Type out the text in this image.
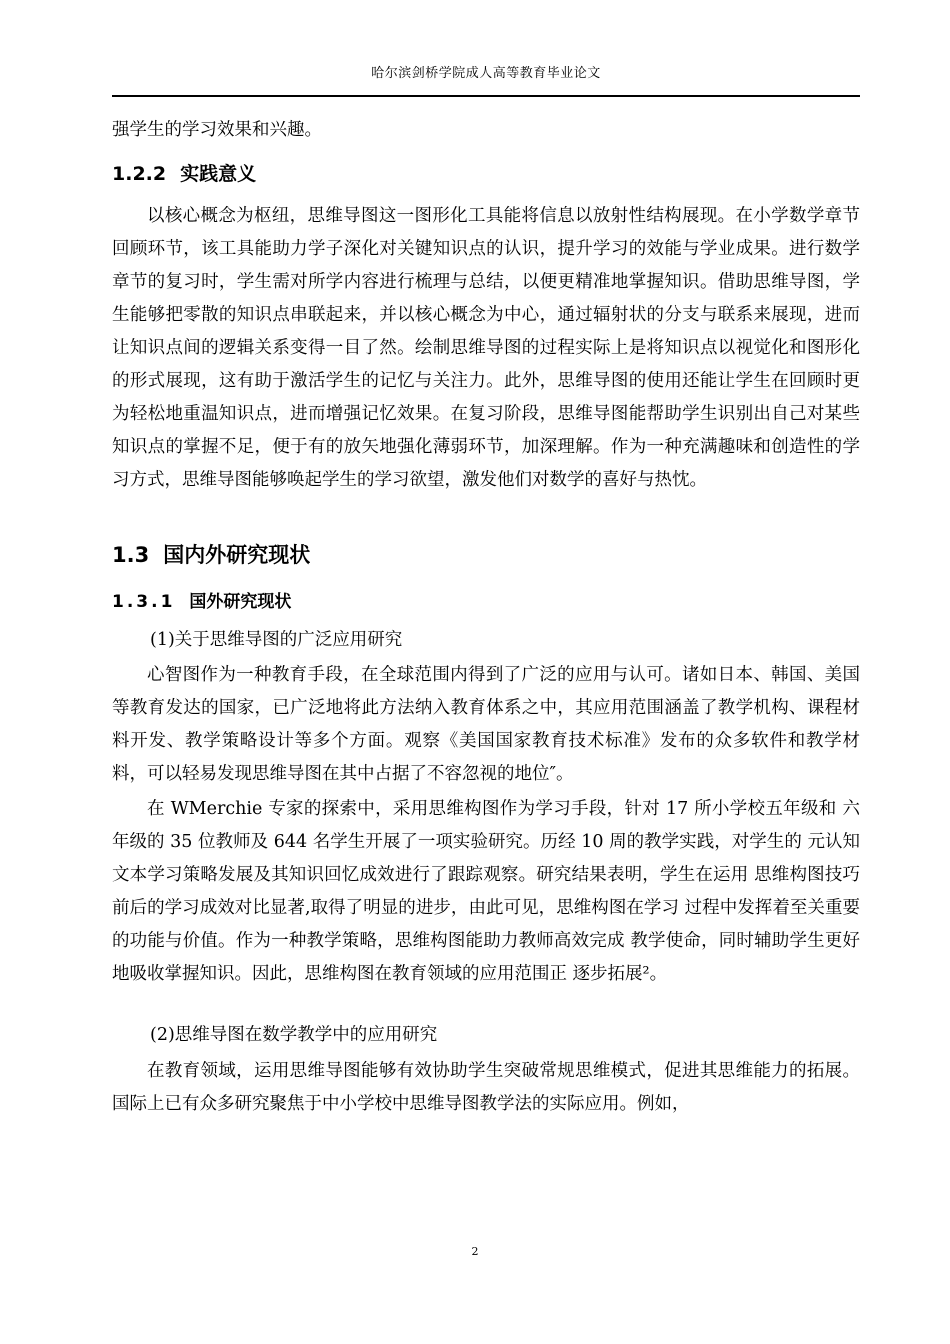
哈尔滨剑桥学院成人高等教育毕业论文

强学生的学习效果和兴趣。

1.2.2 实践意义

以核心概念为枢纽，思维导图这一图形化工具能将信息以放射性结构展现。在小学数学章节回顾环节，该工具能助力学子深化对关键知识点的认识，提升学习的效能与学业成果。进行数学章节的复习时，学生需对所学内容进行梳理与总结，以便更精准地掌握知识。借助思维导图，学生能够把零散的知识点串联起来，并以核心概念为中心，通过辐射状的分支与联系来展现，进而让知识点间的逻辑关系变得一目了然。绘制思维导图的过程实际上是将知识点以视觉化和图形化的形式展现，这有助于激活学生的记忆与关注力。此外，思维导图的使用还能让学生在回顾时更为轻松地重温知识点，进而增强记忆效果。在复习阶段，思维导图能帮助学生识别出自己对某些知识点的掌握不足，便于有的放矢地强化薄弱环节，加深理解。作为一种充满趣味和创造性的学习方式，思维导图能够唤起学生的学习欲望，激发他们对数学的喜好与热忱。

1.3 国内外研究现状
1.3.1 国外研究现状
(1)关于思维导图的广泛应用研究

心智图作为一种教育手段，在全球范围内得到了广泛的应用与认可。诸如日本、韩国、美国等教育发达的国家，已广泛地将此方法纳入教育体系之中，其应用范围涵盖了教学机构、课程材料开发、教学策略设计等多个方面。观察《美国国家教育技术标准》发布的众多软件和教学材料，可以轻易发现思维导图在其中占据了不容忽视的地位″。

在 WMerchie 专家的探索中，采用思维构图作为学习手段，针对 17 所小学校五年级和 六年级的 35 位教师及 644 名学生开展了一项实验研究。历经 10 周的教学实践，对学生的 元认知文本学习策略发展及其知识回忆成效进行了跟踪观察。研究结果表明，学生在运用 思维构图技巧前后的学习成效对比显著,取得了明显的进步，由此可见，思维构图在学习 过程中发挥着至关重要的功能与价值。作为一种教学策略，思维构图能助力教师高效完成 教学使命，同时辅助学生更好地吸收掌握知识。因此，思维构图在教育领域的应用范围正 逐步拓展²。

(2)思维导图在数学教学中的应用研究

在教育领域，运用思维导图能够有效协助学生突破常规思维模式，促进其思维能力的拓展。国际上已有众多研究聚焦于中小学校中思维导图教学法的实际应用。例如，

2
